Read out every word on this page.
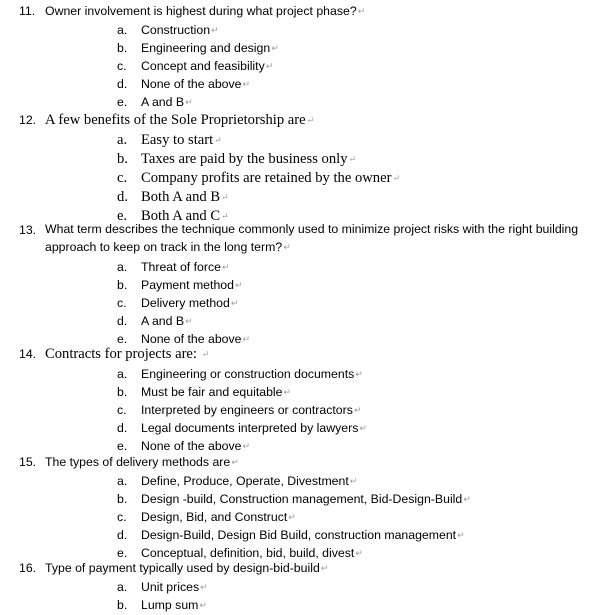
11. Owner involvement is highest during what project phase?↵
a. Construction↵
b. Engineering and design↵
c. Concept and feasibility↵
d. None of the above↵
e. A and B↵
12. A few benefits of the Sole Proprietorship are↵
a. Easy to start↵
b. Taxes are paid by the business only↵
c. Company profits are retained by the owner↵
d. Both A and B↵
e. Both A and C↵
13. What term describes the technique commonly used to minimize project risks with the right building approach to keep on track in the long term?↵
a. Threat of force↵
b. Payment method↵
c. Delivery method↵
d. A and B↵
e. None of the above↵
14. Contracts for projects are: ↵
a. Engineering or construction documents↵
b. Must be fair and equitable↵
c. Interpreted by engineers or contractors↵
d. Legal documents interpreted by lawyers↵
e. None of the above↵
15. The types of delivery methods are↵
a. Define, Produce, Operate, Divestment↵
b. Design -build, Construction management, Bid-Design-Build↵
c. Design, Bid, and Construct↵
d. Design-Build, Design Bid Build, construction management↵
e. Conceptual, definition, bid, build, divest↵
16. Type of payment typically used by design-bid-build↵
a. Unit prices↵
b. Lump sum↵
